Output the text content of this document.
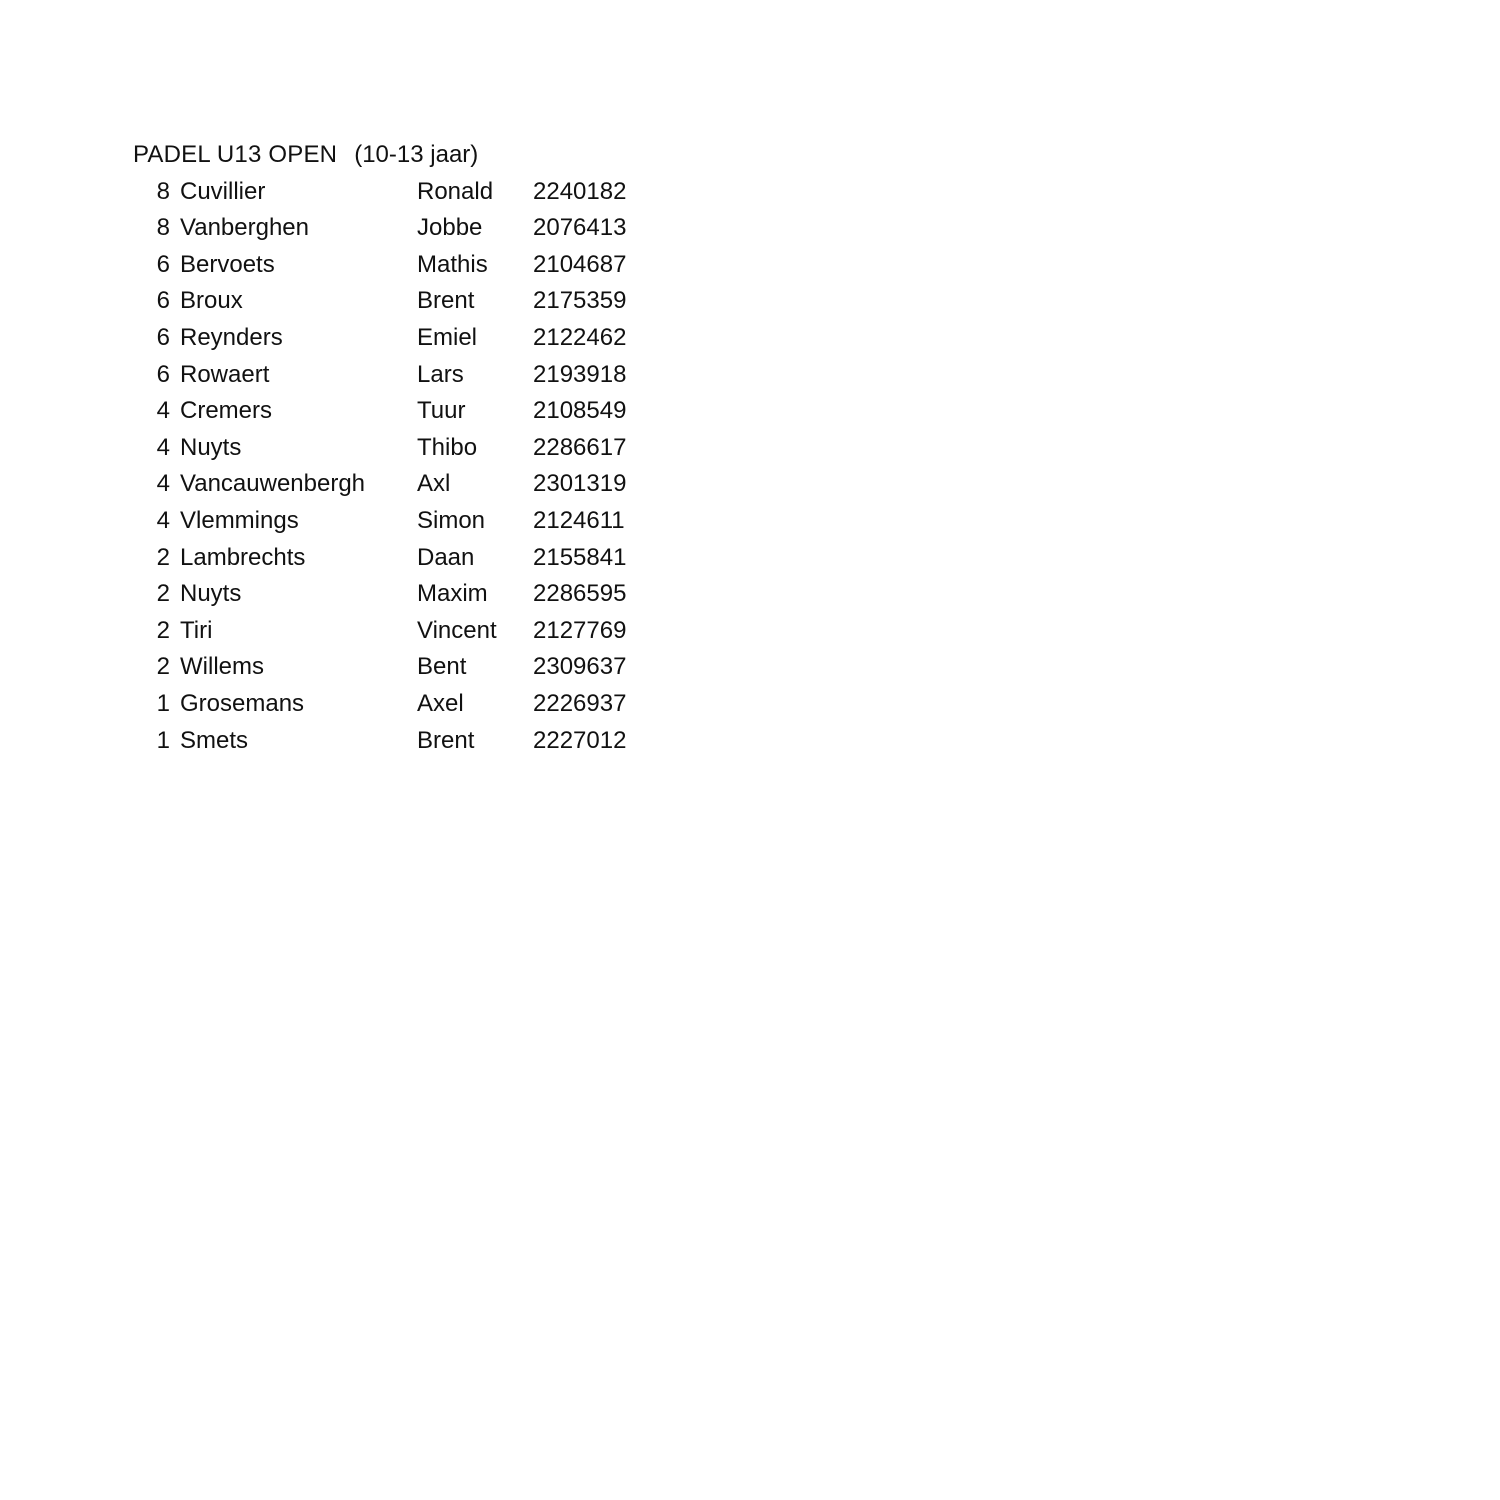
PADEL U13 OPEN (10-13 jaar)
8 Cuvillier	Ronald	2240182
8 Vanberghen	Jobbe	2076413
6 Bervoets	Mathis	2104687
6 Broux	Brent	2175359
6 Reynders	Emiel	2122462
6 Rowaert	Lars	2193918
4 Cremers	Tuur	2108549
4 Nuyts	Thibo	2286617
4 Vancauwenbergh	Axl	2301319
4 Vlemmings	Simon	2124611
2 Lambrechts	Daan	2155841
2 Nuyts	Maxim	2286595
2 Tiri	Vincent	2127769
2 Willems	Bent	2309637
1 Grosemans	Axel	2226937
1 Smets	Brent	2227012
